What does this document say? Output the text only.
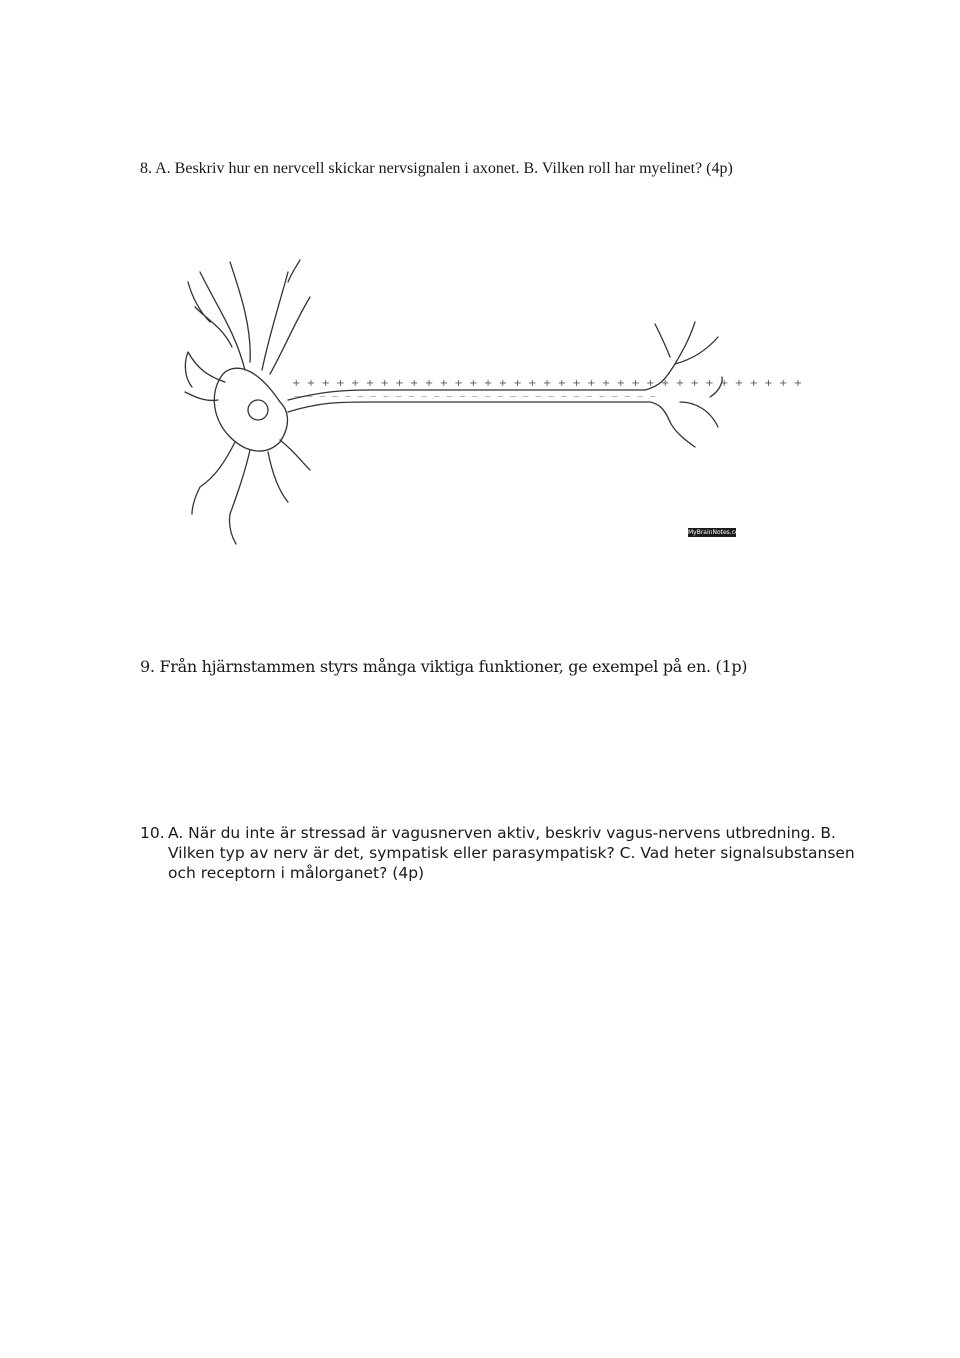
8. A. Beskriv hur en nervcell skickar nervsignalen i axonet. B. Vilken roll har myelinet? (4p)

+ + + + + + + + + + + + + + + + + + + + + + + + + + + + + + + + + + +
— — — — — — — — — — — — — — — — — — — — — — — — — — — — —
MyBrainNotes.com

9. Från hjärnstammen styrs många viktiga funktioner, ge exempel på en. (1p)

10. A. När du inte är stressad är vagusnerven aktiv, beskriv vagus-nervens utbredning. B.
Vilken typ av nerv är det, sympatisk eller parasympatisk? C. Vad heter signalsubstansen
och receptorn i målorganet? (4p)
